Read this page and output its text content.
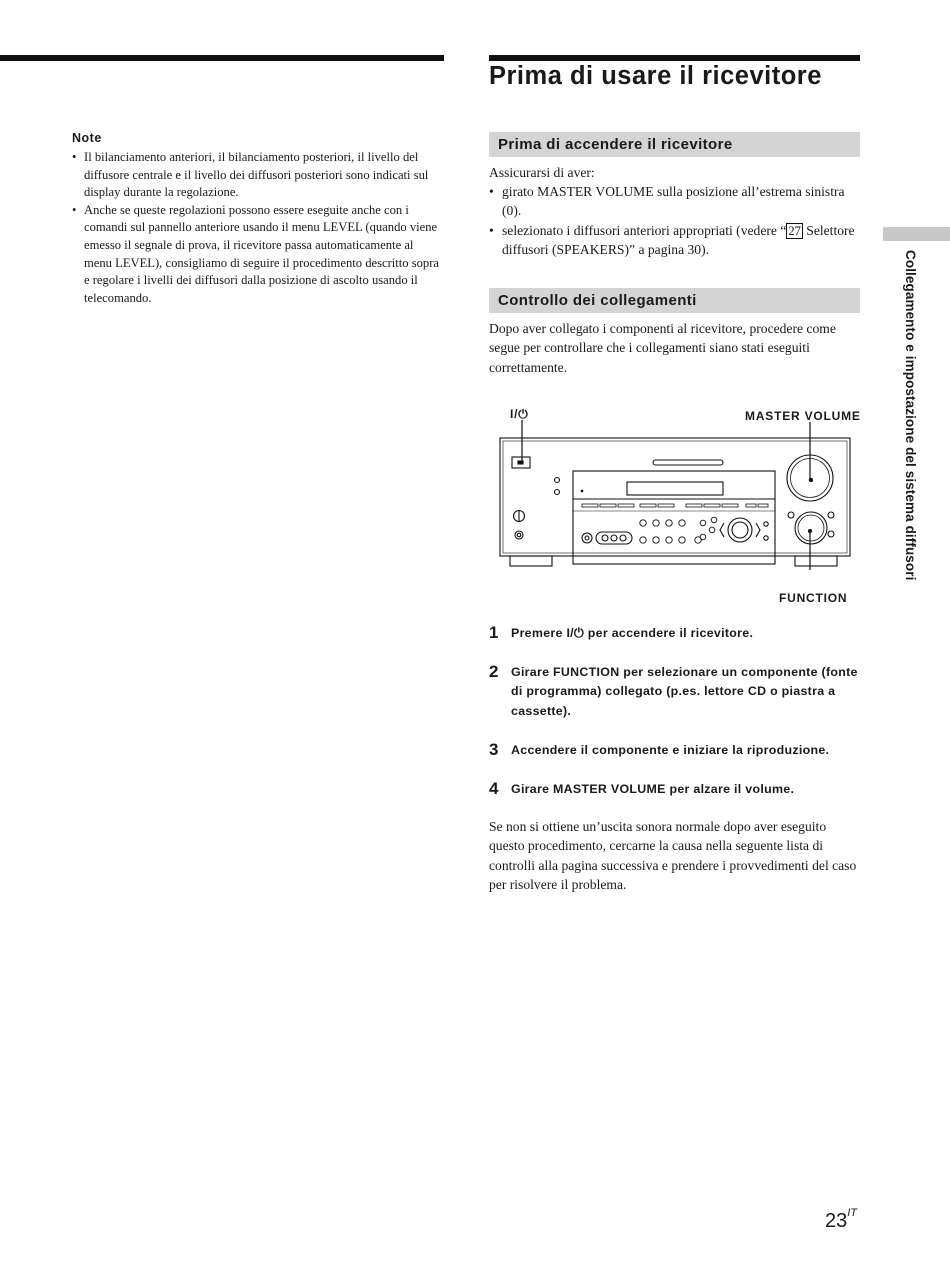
Note
• Il bilanciamento anteriori, il bilanciamento posteriori, il livello del diffusore centrale e il livello dei diffusori posteriori sono indicati sul display durante la regolazione.
• Anche se queste regolazioni possono essere eseguite anche con i comandi sul pannello anteriore usando il menu LEVEL (quando viene emesso il segnale di prova, il ricevitore passa automaticamente al menu LEVEL), consigliamo di seguire il procedimento descritto sopra e regolare i livelli dei diffusori dalla posizione di ascolto usando il telecomando.
Prima di usare il ricevitore
Prima di accendere il ricevitore

Assicurarsi di aver:

• girato MASTER VOLUME sulla posizione all’estrema sinistra (0).
• selezionato i diffusori anteriori appropriati (vedere “ 27 Selettore diffusori (SPEAKERS)” a pagina 30).
Controllo dei collegamenti

Dopo aver collegato i componenti al ricevitore, procedere come segue per controllare che i collegamenti siano stati eseguiti correttamente.

I/⏻	MASTER VOLUME
FUNCTION
1	Premere I/⏻ per accendere il ricevitore.
2	Girare FUNCTION per selezionare un componente (fonte di programma) collegato (p.es. lettore CD o piastra a cassette).
3	Accendere il componente e iniziare la riproduzione.
4	Girare MASTER VOLUME per alzare il volume.

Se non si ottiene un’uscita sonora normale dopo aver eseguito questo procedimento, cercarne la causa nella seguente lista di controlli alla pagina successiva e prendere i provvedimenti del caso per risolvere il problema.

Collegamento e impostazione del sistema diffusori
$23^{IT}$
